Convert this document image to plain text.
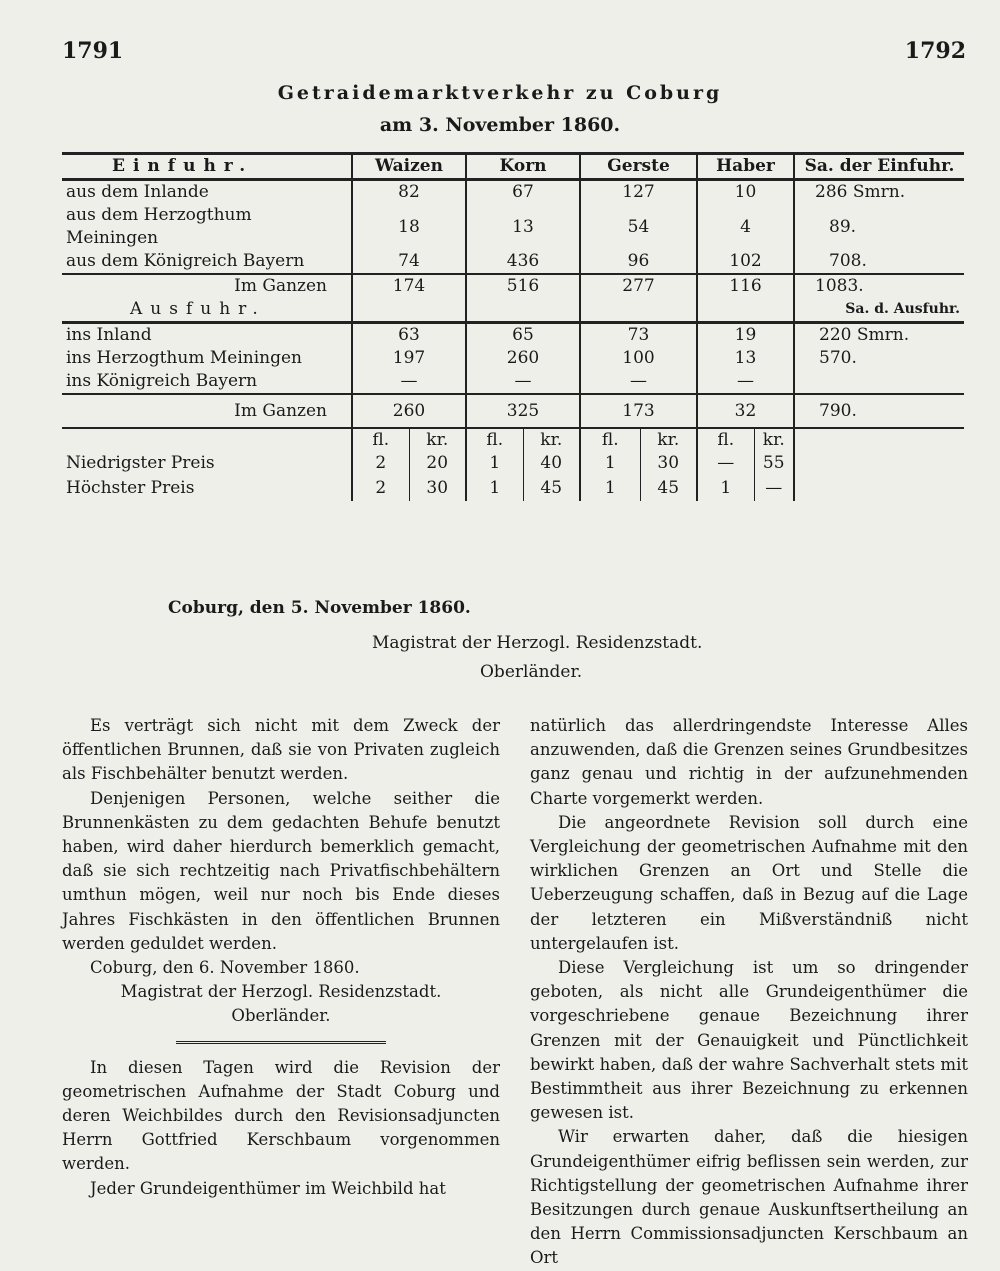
1791	1792
Getraidemarktverkehr zu Coburg
am 3. November 1860.
Einfuhr.	Waizen		Korn		Gerste		Haber		Sa. der Einfuhr.
aus dem Inlande	82		67		127		10		286 Smrn.
aus dem Herzogthum Meiningen	18		13		54		4		89.
aus dem Königreich Bayern	74		436		96		102		708.
Im Ganzen	174		516		277		116		1083.
Ausfuhr.									Sa. d. Ausfuhr.
ins Inland	63		65		73		19		220 Smrn.
ins Herzogthum Meiningen	197		260		100		13		570.
ins Königreich Bayern	—		—		—		—		
Im Ganzen	260		325		173		32		790.
	fl.	kr.	fl.	kr.	fl.	kr.	fl.	kr.	
Niedrigster Preis	2	20	1	40	1	30	—	55	
Höchster Preis	2	30	1	45	1	45	1	—	
Coburg, den 5. November 1860.
Magistrat der Herzogl. Residenzstadt.
Oberländer.

Es verträgt sich nicht mit dem Zweck der öffentlichen Brunnen, daß sie von Privaten zugleich als Fischbehälter benutzt werden.

Denjenigen Personen, welche seither die Brunnenkästen zu dem gedachten Behufe benutzt haben, wird daher hierdurch bemerklich gemacht, daß sie sich rechtzeitig nach Privatfischbehältern umthun mögen, weil nur noch bis Ende dieses Jahres Fischkästen in den öffentlichen Brunnen werden geduldet werden.

Coburg, den 6. November 1860.

Magistrat der Herzogl. Residenzstadt.

Oberländer.

In diesen Tagen wird die Revision der geometrischen Aufnahme der Stadt Coburg und deren Weichbildes durch den Revisionsadjuncten Herrn Gottfried Kerschbaum vorgenommen werden.

Jeder Grundeigenthümer im Weichbild hat

natürlich das allerdringendste Interesse Alles anzuwenden, daß die Grenzen seines Grundbesitzes ganz genau und richtig in der aufzunehmenden Charte vorgemerkt werden.

Die angeordnete Revision soll durch eine Vergleichung der geometrischen Aufnahme mit den wirklichen Grenzen an Ort und Stelle die Ueberzeugung schaffen, daß in Bezug auf die Lage der letzteren ein Mißverständniß nicht untergelaufen ist.

Diese Vergleichung ist um so dringender geboten, als nicht alle Grundeigenthümer die vorgeschriebene genaue Bezeichnung ihrer Grenzen mit der Genauigkeit und Pünctlichkeit bewirkt haben, daß der wahre Sachverhalt stets mit Bestimmtheit aus ihrer Bezeichnung zu erkennen gewesen ist.

Wir erwarten daher, daß die hiesigen Grundeigenthümer eifrig beflissen sein werden, zur Richtigstellung der geometrischen Aufnahme ihrer Besitzungen durch genaue Auskunftsertheilung an den Herrn Commissionsadjuncten Kerschbaum an Ort
